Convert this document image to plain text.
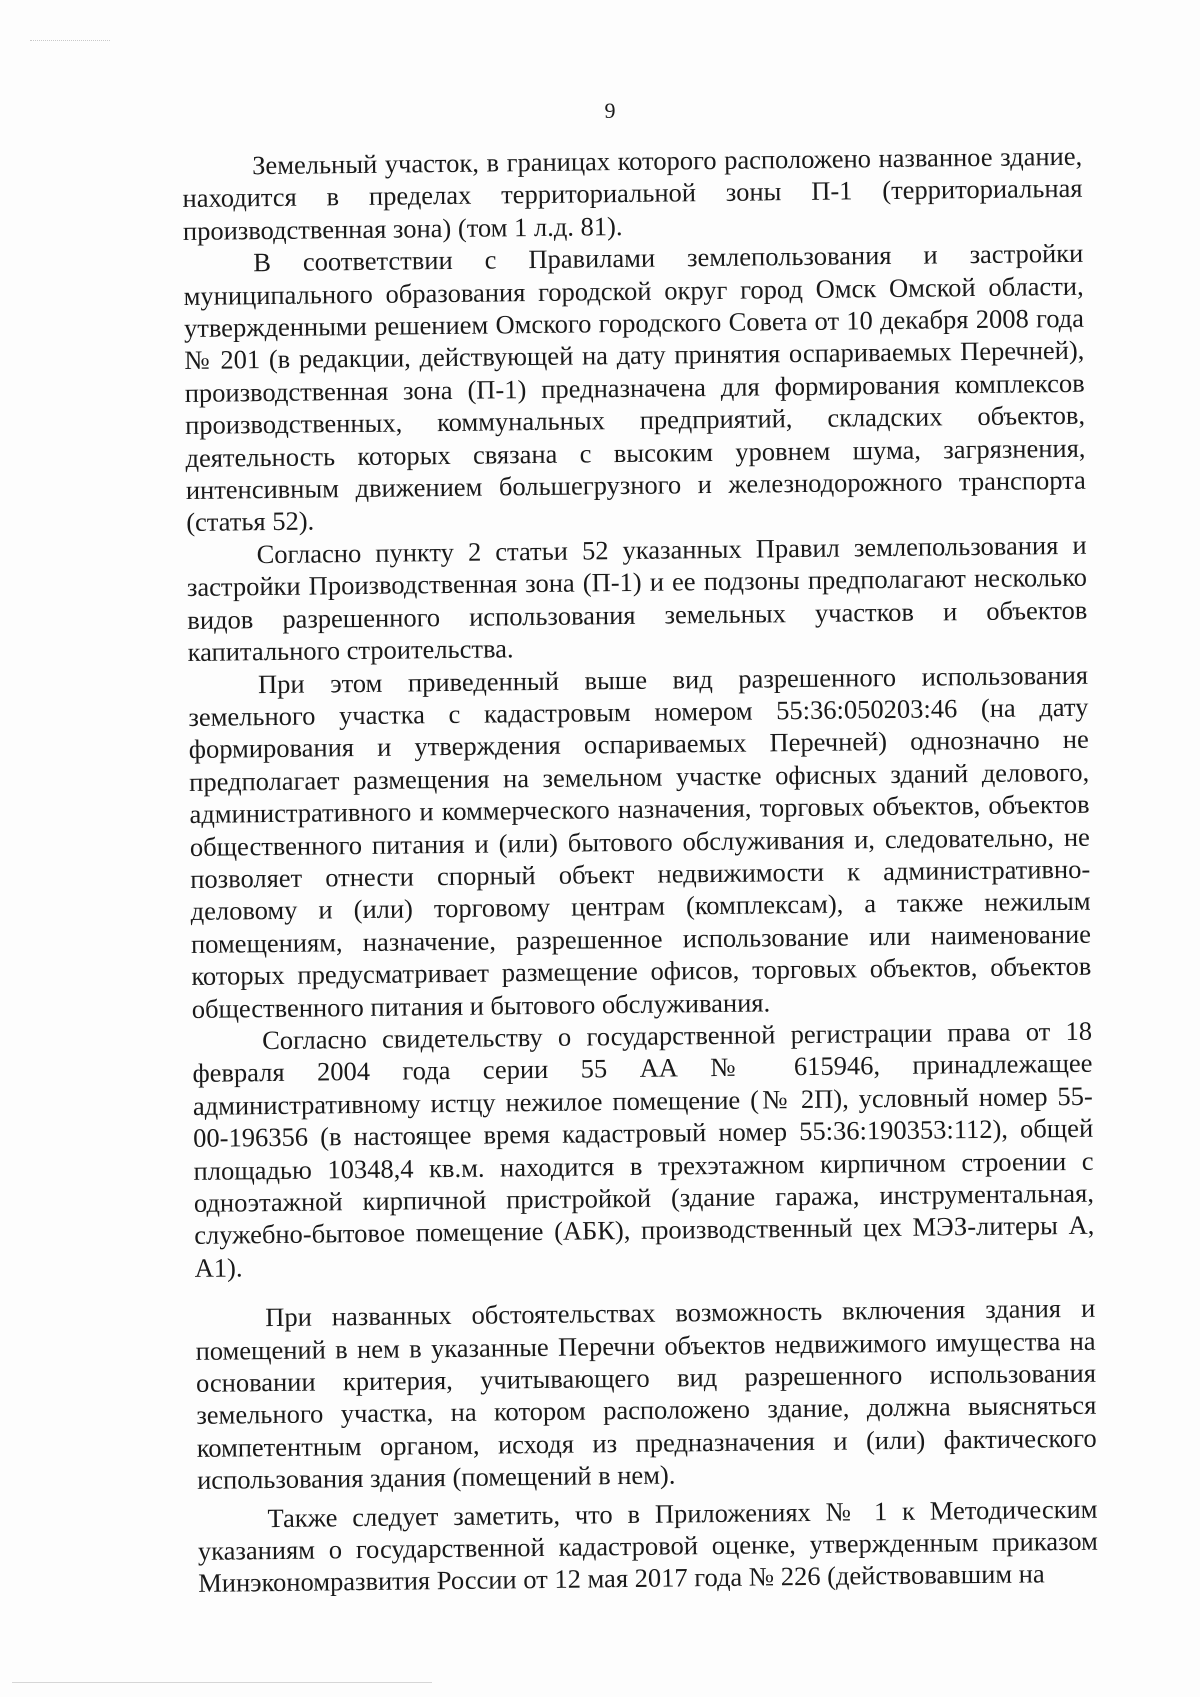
9

Земельный участок, в границах которого расположено названное здание, находится в пределах территориальной зоны П-1 (территориальная производственная зона) (том 1 л.д. 81).

В соответствии с Правилами землепользования и застройки муниципального образования городской округ город Омск Омской области, утвержденными решением Омского городского Совета от 10 декабря 2008 года № 201 (в редакции, действующей на дату принятия оспариваемых Перечней), производственная зона (П-1) предназначена для формирования комплексов производственных, коммунальных предприятий, складских объектов, деятельность которых связана с высоким уровнем шума, загрязнения, интенсивным движением большегрузного и железнодорожного транспорта (статья 52).

Согласно пункту 2 статьи 52 указанных Правил землепользования и застройки Производственная зона (П-1) и ее подзоны предполагают несколько видов разрешенного использования земельных участков и объектов капитального строительства.

При этом приведенный выше вид разрешенного использования земельного участка с кадастровым номером 55:36:050203:46 (на дату формирования и утверждения оспариваемых Перечней) однозначно не предполагает размещения на земельном участке офисных зданий делового, административного и коммерческого назначения, торговых объектов, объектов общественного питания и (или) бытового обслуживания и, следовательно, не позволяет отнести спорный объект недвижимости к административно-деловому и (или) торговому центрам (комплексам), а также нежилым помещениям, назначение, разрешенное использование или наименование которых предусматривает размещение офисов, торговых объектов, объектов общественного питания и бытового обслуживания.

Согласно свидетельству о государственной регистрации права от 18 февраля 2004 года серии 55 АА № 615946, принадлежащее административному истцу нежилое помещение (№ 2П), условный номер 55-00-196356 (в настоящее время кадастровый номер 55:36:190353:112), общей площадью 10348,4 кв.м. находится в трехэтажном кирпичном строении с одноэтажной кирпичной пристройкой (здание гаража, инструментальная, служебно-бытовое помещение (АБК), производственный цех МЭЗ-литеры А, А1).

При названных обстоятельствах возможность включения здания и помещений в нем в указанные Перечни объектов недвижимого имущества на основании критерия, учитывающего вид разрешенного использования земельного участка, на котором расположено здание, должна выясняться компетентным органом, исходя из предназначения и (или) фактического использования здания (помещений в нем).

Также следует заметить, что в Приложениях № 1 к Методическим указаниям о государственной кадастровой оценке, утвержденным приказом Минэкономразвития России от 12 мая 2017 года № 226 (действовавшим на
